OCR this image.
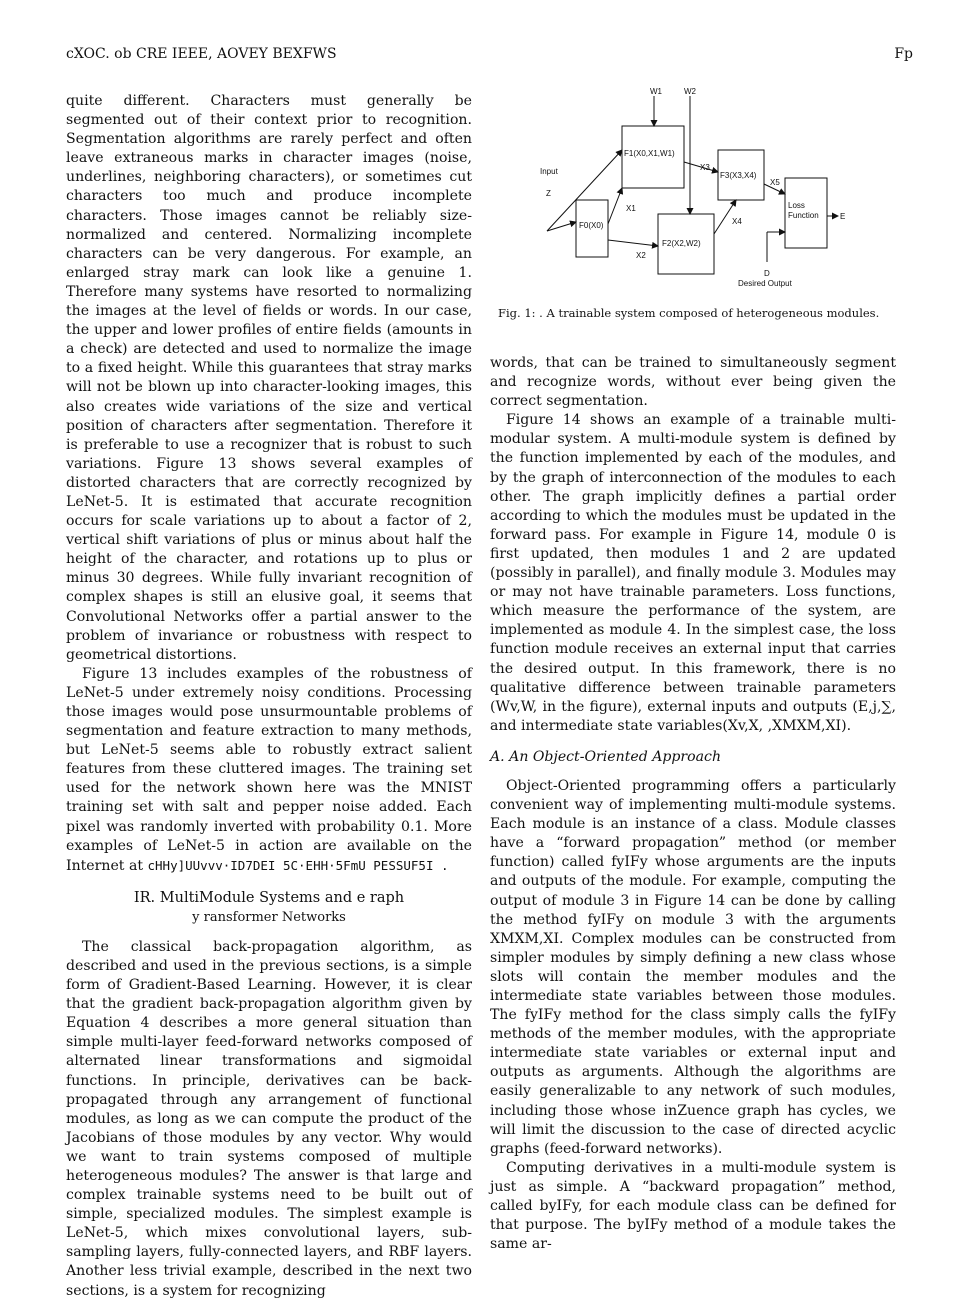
cXOC. ob CRE IEEE, AOVEY BEXFWS	Fp

quite different. Characters must generally be segmented out of their context prior to recognition. Segmentation algorithms are rarely perfect and often leave extraneous marks in character images (noise, underlines, neighboring characters), or sometimes cut characters too much and produce incomplete characters. Those images cannot be reliably size-normalized and centered. Normalizing incomplete characters can be very dangerous. For example, an enlarged stray mark can look like a genuine 1. Therefore many systems have resorted to normalizing the images at the level of fields or words. In our case, the upper and lower profiles of entire fields (amounts in a check) are detected and used to normalize the image to a fixed height. While this guarantees that stray marks will not be blown up into character-looking images, this also creates wide variations of the size and vertical position of characters after segmentation. Therefore it is preferable to use a recognizer that is robust to such variations. Figure 13 shows several examples of distorted characters that are correctly recognized by LeNet-5. It is estimated that accurate recognition occurs for scale variations up to about a factor of 2, vertical shift variations of plus or minus about half the height of the character, and rotations up to plus or minus 30 degrees. While fully invariant recognition of complex shapes is still an elusive goal, it seems that Convolutional Networks offer a partial answer to the problem of invariance or robustness with respect to geometrical distortions.

Figure 13 includes examples of the robustness of LeNet-5 under extremely noisy conditions. Processing those images would pose unsurmountable problems of segmentation and feature extraction to many methods, but LeNet-5 seems able to robustly extract salient features from these cluttered images. The training set used for the network shown here was the MNIST training set with salt and pepper noise added. Each pixel was randomly inverted with probability 0.1. More examples of LeNet-5 in action are available on the Internet at cHHy]UUvvv·ID7DEI 5C·EHH·5FmU PESSUF5I .

IR. MultiModule Systems and e raph
y ransformer Networks

The classical back-propagation algorithm, as described and used in the previous sections, is a simple form of Gradient-Based Learning. However, it is clear that the gradient back-propagation algorithm given by Equation 4 describes a more general situation than simple multi-layer feed-forward networks composed of alternated linear transformations and sigmoidal functions. In principle, derivatives can be back-propagated through any arrangement of functional modules, as long as we can compute the product of the Jacobians of those modules by any vector. Why would we want to train systems composed of multiple heterogeneous modules? The answer is that large and complex trainable systems need to be built out of simple, specialized modules. The simplest example is LeNet-5, which mixes convolutional layers, sub-sampling layers, fully-connected layers, and RBF layers. Another less trivial example, described in the next two sections, is a system for recognizing

W1	W2
Input
Z
F0(X0)
F1(X0,X1,W1)
F2(X2,W2)
F3(X3,X4)
X1
X2
X3
X4
X5
Loss
Function	E
D
Desired Output
Fig. 1: . A trainable system composed of heterogeneous modules.

words, that can be trained to simultaneously segment and recognize words, without ever being given the correct segmentation.

Figure 14 shows an example of a trainable multi-modular system. A multi-module system is defined by the function implemented by each of the modules, and by the graph of interconnection of the modules to each other. The graph implicitly defines a partial order according to which the modules must be updated in the forward pass. For example in Figure 14, module 0 is first updated, then modules 1 and 2 are updated (possibly in parallel), and finally module 3. Modules may or may not have trainable parameters. Loss functions, which measure the performance of the system, are implemented as module 4. In the simplest case, the loss function module receives an external input that carries the desired output. In this framework, there is no qualitative difference between trainable parameters (Wv,W, in the figure), external inputs and outputs (E,j,∑, and intermediate state variables(Xv,X, ,XMXM,XI).

A. An Object-Oriented Approach

Object-Oriented programming offers a particularly convenient way of implementing multi-module systems. Each module is an instance of a class. Module classes have a “forward propagation” method (or member function) called fyIFy whose arguments are the inputs and outputs of the module. For example, computing the output of module 3 in Figure 14 can be done by calling the method fyIFy on module 3 with the arguments XMXM,XI. Complex modules can be constructed from simpler modules by simply defining a new class whose slots will contain the member modules and the intermediate state variables between those modules. The fyIFy method for the class simply calls the fyIFy methods of the member modules, with the appropriate intermediate state variables or external input and outputs as arguments. Although the algorithms are easily generalizable to any network of such modules, including those whose inZuence graph has cycles, we will limit the discussion to the case of directed acyclic graphs (feed-forward networks).

Computing derivatives in a multi-module system is just as simple. A “backward propagation” method, called byIFy, for each module class can be defined for that purpose. The byIFy method of a module takes the same ar-
